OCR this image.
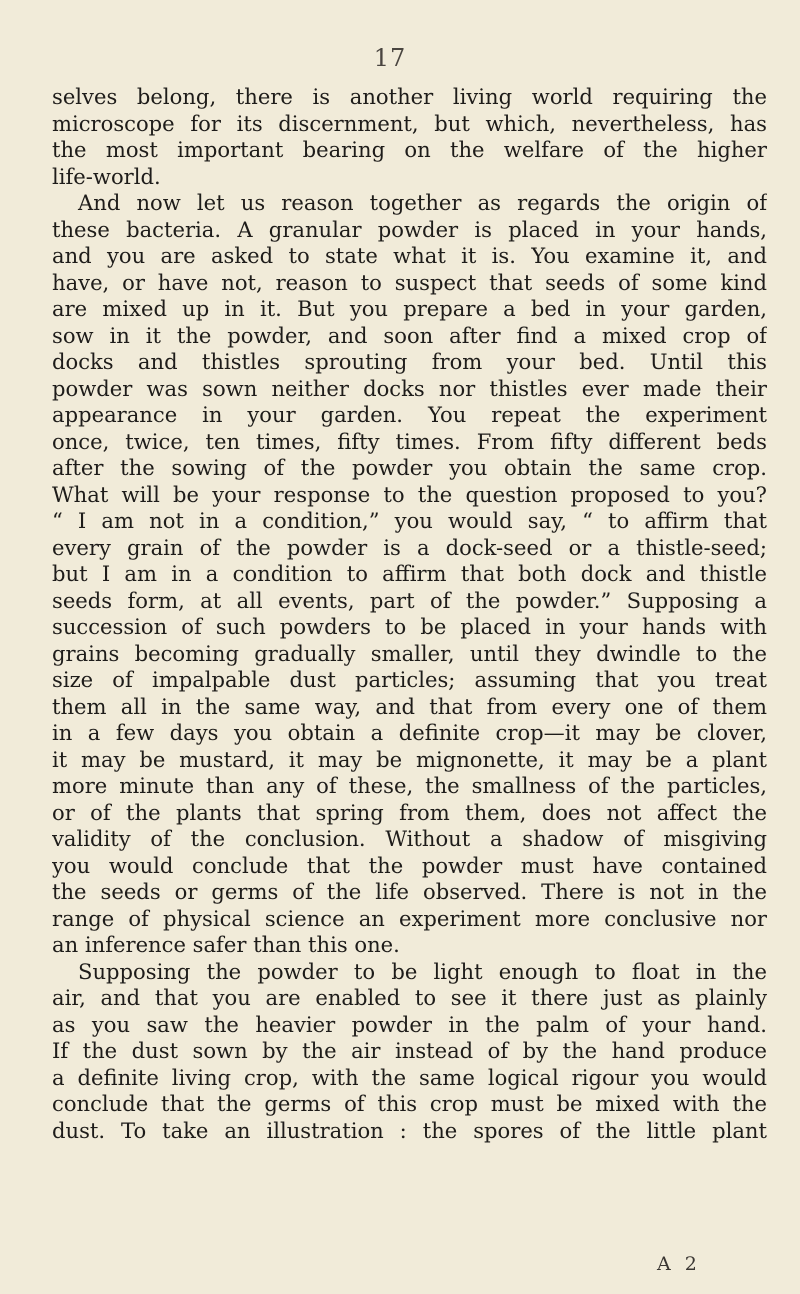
17
selves belong, there is another living world requiring the
microscope for its discernment, but which, nevertheless, has
the most important bearing on the welfare of the higher
life-world.
And now let us reason together as regards the origin of
these bacteria. A granular powder is placed in your hands,
and you are asked to state what it is. You examine it, and
have, or have not, reason to suspect that seeds of some kind
are mixed up in it. But you prepare a bed in your garden,
sow in it the powder, and soon after find a mixed crop of
docks and thistles sprouting from your bed. Until this
powder was sown neither docks nor thistles ever made their
appearance in your garden. You repeat the experiment
once, twice, ten times, fifty times. From fifty different beds
after the sowing of the powder you obtain the same crop.
What will be your response to the question proposed to you?
“ I am not in a condition,” you would say, “ to affirm that
every grain of the powder is a dock-seed or a thistle-seed;
but I am in a condition to affirm that both dock and thistle
seeds form, at all events, part of the powder.” Supposing a
succession of such powders to be placed in your hands with
grains becoming gradually smaller, until they dwindle to the
size of impalpable dust particles; assuming that you treat
them all in the same way, and that from every one of them
in a few days you obtain a definite crop—it may be clover,
it may be mustard, it may be mignonette, it may be a plant
more minute than any of these, the smallness of the particles,
or of the plants that spring from them, does not affect the
validity of the conclusion. Without a shadow of misgiving
you would conclude that the powder must have contained
the seeds or germs of the life observed. There is not in the
range of physical science an experiment more conclusive nor
an inference safer than this one.
Supposing the powder to be light enough to float in the
air, and that you are enabled to see it there just as plainly
as you saw the heavier powder in the palm of your hand.
If the dust sown by the air instead of by the hand produce
a definite living crop, with the same logical rigour you would
conclude that the germs of this crop must be mixed with the
dust. To take an illustration : the spores of the little plant
A 2
